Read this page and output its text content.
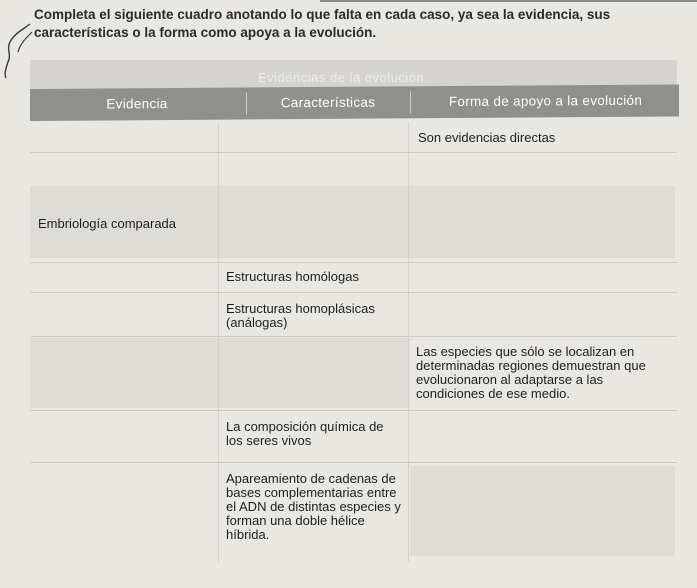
Completa el siguiente cuadro anotando lo que falta en cada caso, ya sea la evidencia, sus características o la forma como apoya a la evolución.
Evidencias de la evolución
Evidencia	Características	Forma de apoyo a la evolución
Son evidencias directas
Embriología comparada
Estructuras homólogas
Estructuras homoplásicas (análogas)
Las especies que sólo se localizan en determinadas regiones demuestran que evolucionaron al adaptarse a las condiciones de ese medio.
La composición química de los seres vivos
Apareamiento de cadenas de bases complementarias entre el ADN de distintas especies y forman una doble hélice híbrida.
